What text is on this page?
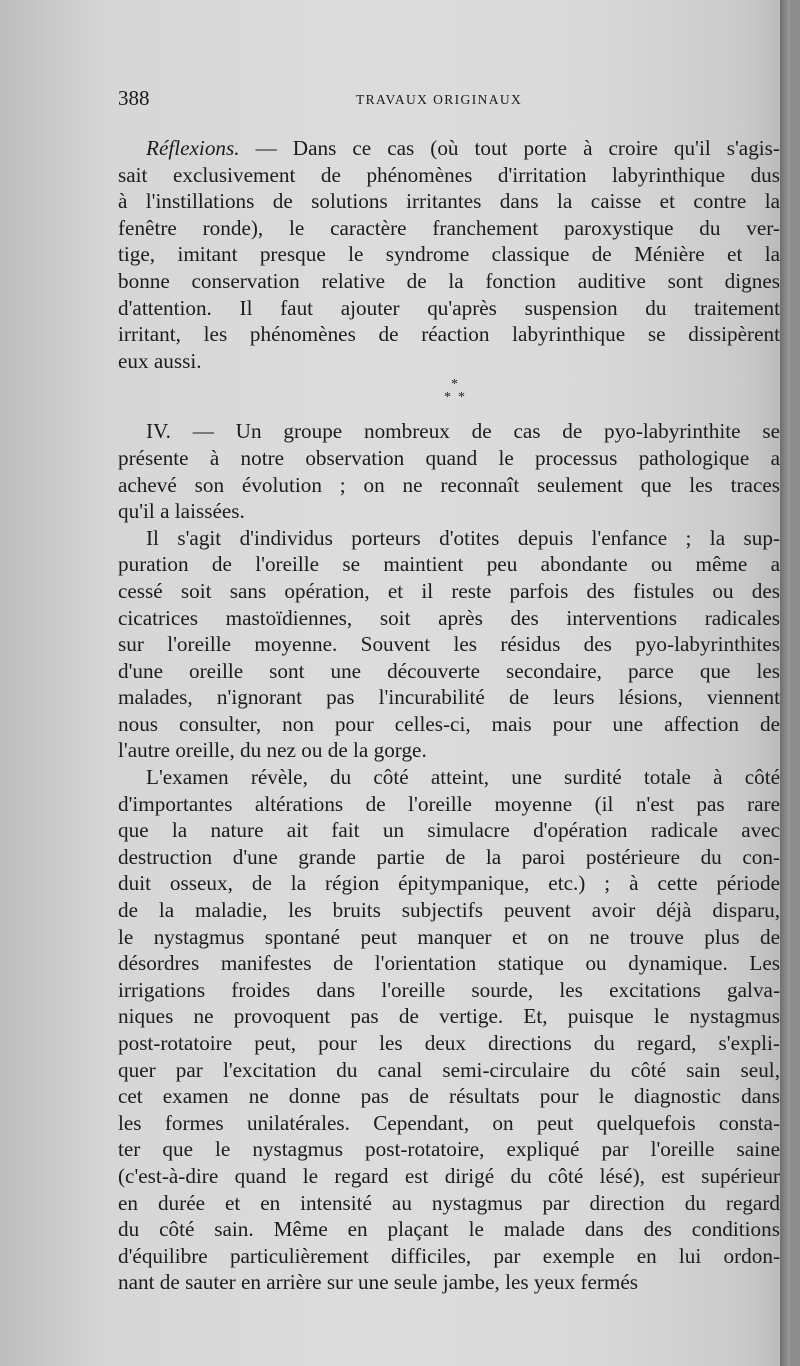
388	TRAVAUX ORIGINAUX
Réflexions. — Dans ce cas (où tout porte à croire qu'il s'agis-
sait exclusivement de phénomènes d'irritation labyrinthique dus
à l'instillations de solutions irritantes dans la caisse et contre la
fenêtre ronde), le caractère franchement paroxystique du ver-
tige, imitant presque le syndrome classique de Ménière et la
bonne conservation relative de la fonction auditive sont dignes
d'attention. Il faut ajouter qu'après suspension du traitement
irritant, les phénomènes de réaction labyrinthique se dissipèrent
eux aussi.
*
* *
IV. — Un groupe nombreux de cas de pyo-labyrinthite se
présente à notre observation quand le processus pathologique a
achevé son évolution ; on ne reconnaît seulement que les traces
qu'il a laissées.
Il s'agit d'individus porteurs d'otites depuis l'enfance ; la sup-
puration de l'oreille se maintient peu abondante ou même a
cessé soit sans opération, et il reste parfois des fistules ou des
cicatrices mastoïdiennes, soit après des interventions radicales
sur l'oreille moyenne. Souvent les résidus des pyo-labyrinthites
d'une oreille sont une découverte secondaire, parce que les
malades, n'ignorant pas l'incurabilité de leurs lésions, viennent
nous consulter, non pour celles-ci, mais pour une affection de
l'autre oreille, du nez ou de la gorge.
L'examen révèle, du côté atteint, une surdité totale à côté
d'importantes altérations de l'oreille moyenne (il n'est pas rare
que la nature ait fait un simulacre d'opération radicale avec
destruction d'une grande partie de la paroi postérieure du con-
duit osseux, de la région épitympanique, etc.) ; à cette période
de la maladie, les bruits subjectifs peuvent avoir déjà disparu,
le nystagmus spontané peut manquer et on ne trouve plus de
désordres manifestes de l'orientation statique ou dynamique. Les
irrigations froides dans l'oreille sourde, les excitations galva-
niques ne provoquent pas de vertige. Et, puisque le nystagmus
post-rotatoire peut, pour les deux directions du regard, s'expli-
quer par l'excitation du canal semi-circulaire du côté sain seul,
cet examen ne donne pas de résultats pour le diagnostic dans
les formes unilatérales. Cependant, on peut quelquefois consta-
ter que le nystagmus post-rotatoire, expliqué par l'oreille saine
(c'est-à-dire quand le regard est dirigé du côté lésé), est supérieur
en durée et en intensité au nystagmus par direction du regard
du côté sain. Même en plaçant le malade dans des conditions
d'équilibre particulièrement difficiles, par exemple en lui ordon-
nant de sauter en arrière sur une seule jambe, les yeux fermés
